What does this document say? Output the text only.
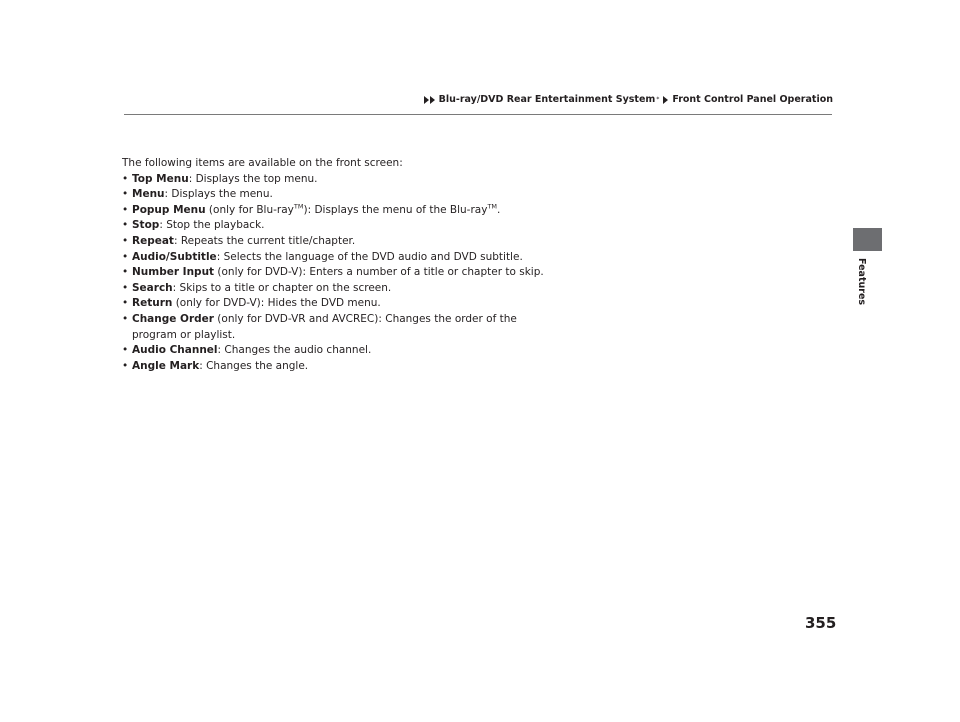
Blu-ray/DVD Rear Entertainment System * Front Control Panel Operation
Features

The following items are available on the front screen:

• Top Menu: Displays the top menu.
• Menu: Displays the menu.
• Popup Menu (only for Blu-ray™): Displays the menu of the Blu-ray™.
• Stop: Stop the playback.
• Repeat: Repeats the current title/chapter.
• Audio/Subtitle: Selects the language of the DVD audio and DVD subtitle.
• Number Input (only for DVD-V): Enters a number of a title or chapter to skip.
• Search: Skips to a title or chapter on the screen.
• Return (only for DVD-V): Hides the DVD menu.
• Change Order (only for DVD-VR and AVCREC): Changes the order of the
program or playlist.
• Audio Channel: Changes the audio channel.
• Angle Mark: Changes the angle.
355
